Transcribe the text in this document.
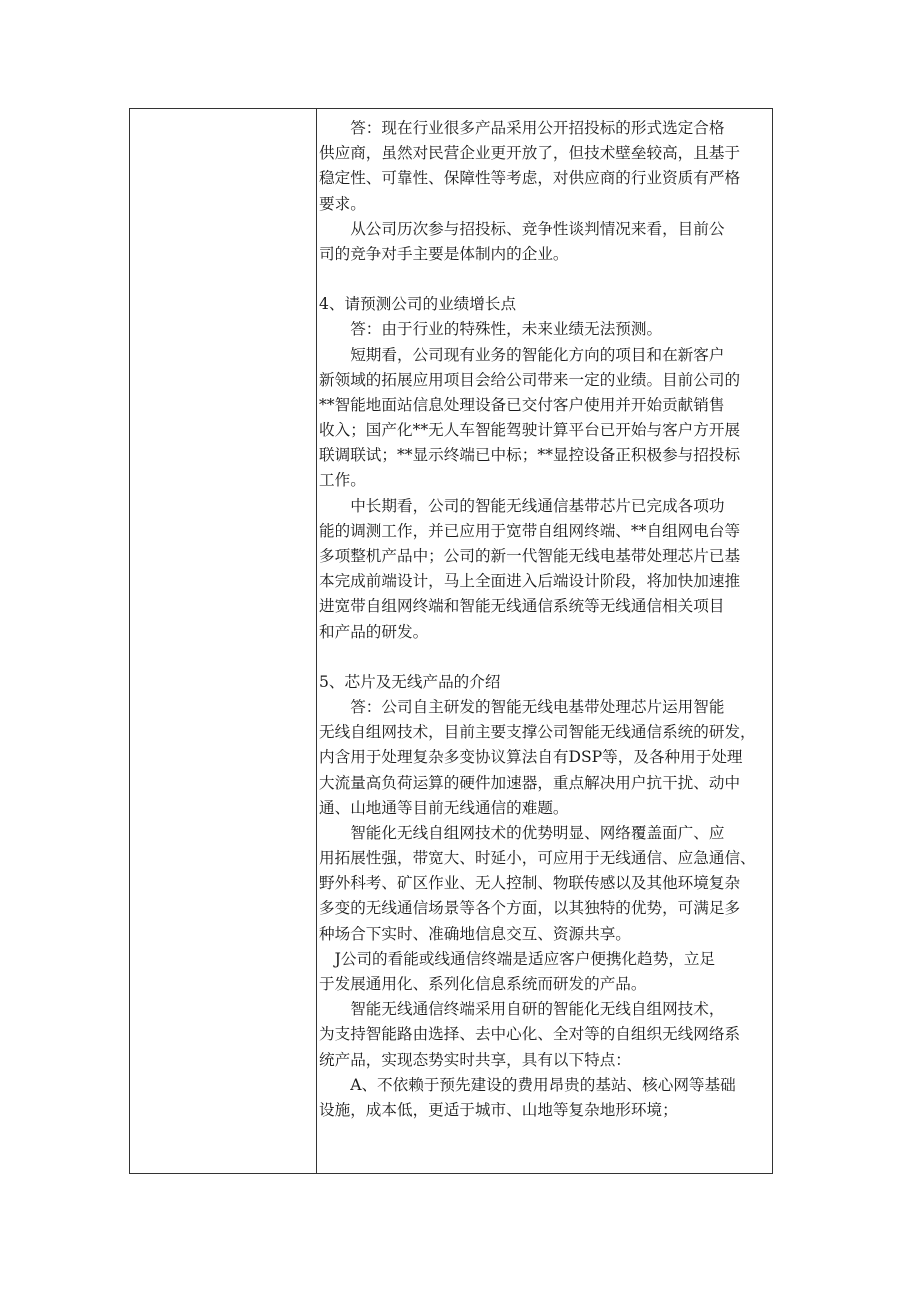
　　答：现在行业很多产品采用公开招投标的形式选定合格
供应商，虽然对民营企业更开放了，但技术壁垒较高，且基于
稳定性、可靠性、保障性等考虑，对供应商的行业资质有严格
要求。
　　从公司历次参与招投标、竞争性谈判情况来看，目前公
司的竞争对手主要是体制内的企业。
4、请预测公司的业绩增长点
　　答：由于行业的特殊性，未来业绩无法预测。
　　短期看，公司现有业务的智能化方向的项目和在新客户
新领域的拓展应用项目会给公司带来一定的业绩。目前公司的
**智能地面站信息处理设备已交付客户使用并开始贡献销售
收入；国产化**无人车智能驾驶计算平台已开始与客户方开展
联调联试；**显示终端已中标；**显控设备正积极参与招投标
工作。
　　中长期看，公司的智能无线通信基带芯片已完成各项功
能的调测工作，并已应用于宽带自组网终端、**自组网电台等
多项整机产品中；公司的新一代智能无线电基带处理芯片已基
本完成前端设计，马上全面进入后端设计阶段，将加快加速推
进宽带自组网终端和智能无线通信系统等无线通信相关项目
和产品的研发。
5、芯片及无线产品的介绍
　　答：公司自主研发的智能无线电基带处理芯片运用智能
无线自组网技术，目前主要支撑公司智能无线通信系统的研发，
内含用于处理复杂多变协议算法自有DSP等，及各种用于处理
大流量高负荷运算的硬件加速器，重点解决用户抗干扰、动中
通、山地通等目前无线通信的难题。
　　智能化无线自组网技术的优势明显、网络覆盖面广、应
用拓展性强，带宽大、时延小，可应用于无线通信、应急通信、
野外科考、矿区作业、无人控制、物联传感以及其他环境复杂
多变的无线通信场景等各个方面，以其独特的优势，可满足多
种场合下实时、准确地信息交互、资源共享。
　J公司的看能或线通信终端是适应客户便携化趋势，立足
于发展通用化、系列化信息系统而研发的产品。
　　智能无线通信终端采用自研的智能化无线自组网技术，
为支持智能路由选择、去中心化、全对等的自组织无线网络系
统产品，实现态势实时共享，具有以下特点：
　　A、不依赖于预先建设的费用昂贵的基站、核心网等基础
设施，成本低，更适于城市、山地等复杂地形环境；
